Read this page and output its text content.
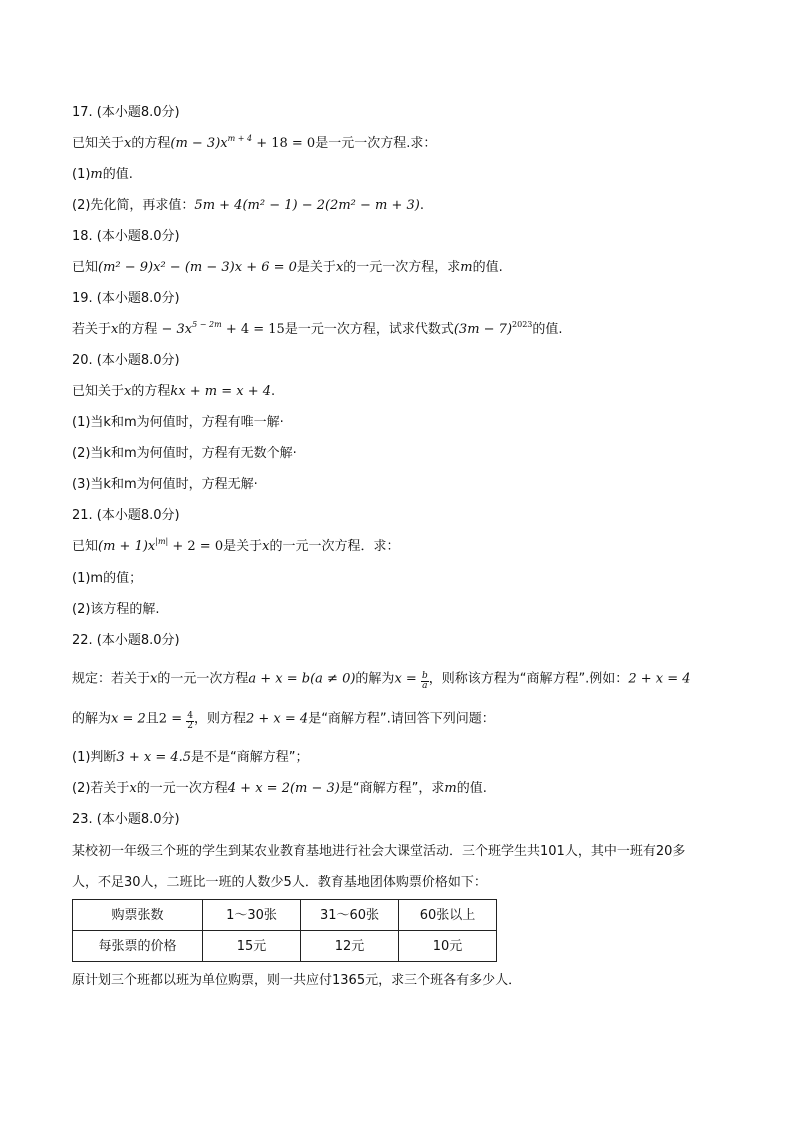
17. (本小题8.0分)
已知关于x的方程$(m - 3)x^{m + 4} + 18 = 0$是一元一次方程.求：
(1)m的值.
(2)先化简，再求值：5m + 4(m² − 1) − 2(2m² − m + 3).
18. (本小题8.0分)
已知(m² − 9)x² − (m − 3)x + 6 = 0是关于x的一元一次方程，求m的值.
19. (本小题8.0分)
若关于x的方程 − $3x^{5 - 2m} + 4 = 15$是一元一次方程，试求代数式$(3m - 7)^{2023}$的值.
20. (本小题8.0分)
已知关于x的方程kx + m = x + 4.
(1)当k和m为何值时，方程有唯一解·
(2)当k和m为何值时，方程有无数个解·
(3)当k和m为何值时，方程无解·
21. (本小题8.0分)
已知$(m + 1)x^{|m|} + 2 = 0$是关于x的一元一次方程．求：
(1)m的值；
(2)该方程的解.
22. (本小题8.0分)
规定：若关于x的一元一次方程a + x = b(a ≠ 0)的解为$x = \frac{b}{a}$ ，则称该方程为“商解方程”.例如：2 + x = 4
的解为x = 2且$2 = \frac{4}{2}$ ，则方程2 + x = 4是“商解方程”.请回答下列问题：
(1)判断3 + x = 4.5是不是“商解方程”；
(2)若关于x的一元一次方程4 + x = 2(m − 3)是“商解方程”，求m的值.
23. (本小题8.0分)
某校初一年级三个班的学生到某农业教育基地进行社会大课堂活动．三个班学生共101人，其中一班有20多
人，不足30人，二班比一班的人数少5人．教育基地团体购票价格如下：
购票张数	1～30张	31～60张	60张以上
每张票的价格	15元	12元	10元
原计划三个班都以班为单位购票，则一共应付1365元，求三个班各有多少人．
